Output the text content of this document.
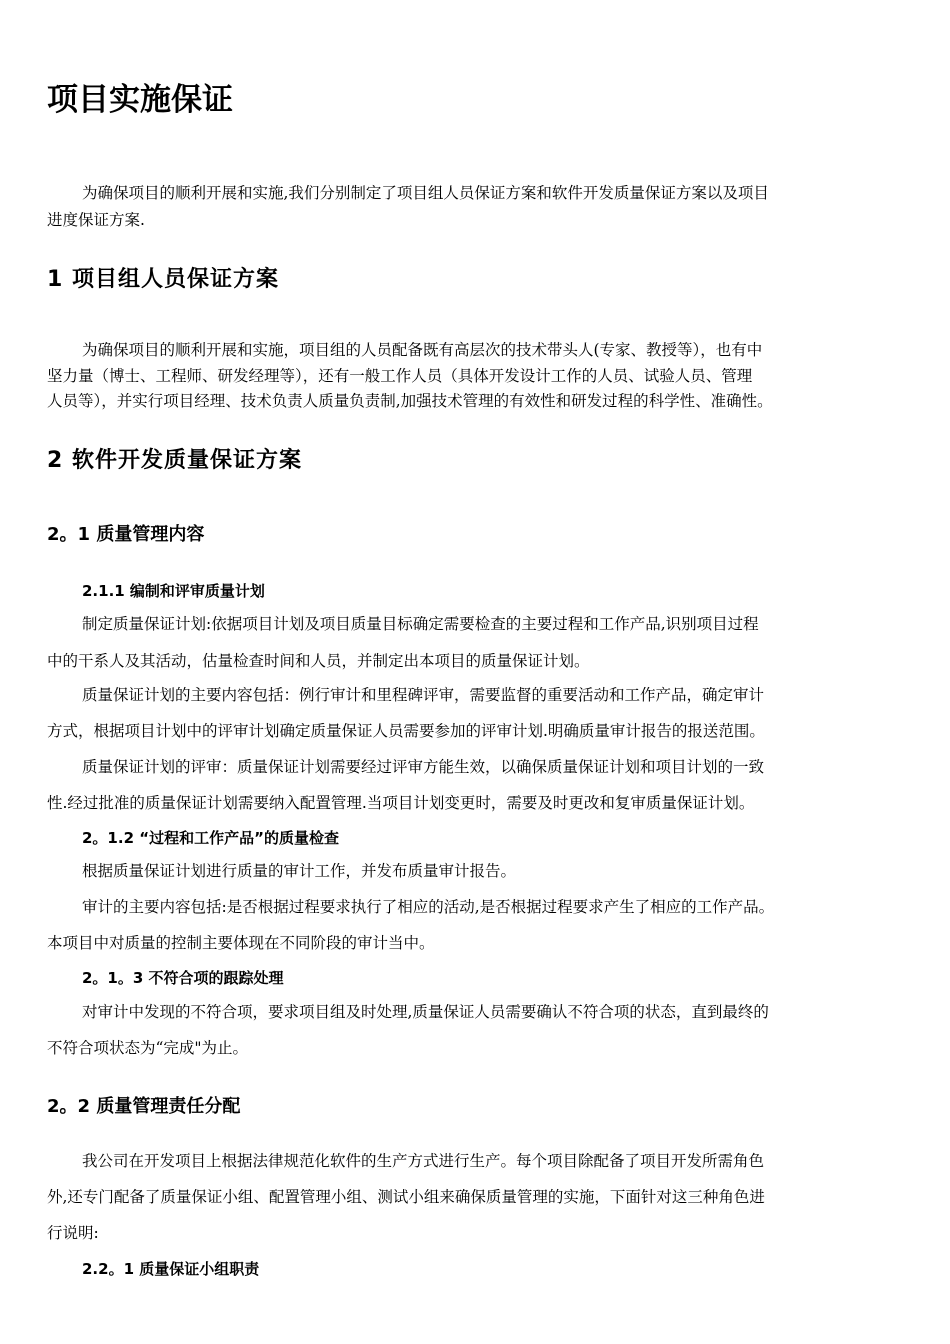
项目实施保证

为确保项目的顺利开展和实施,我们分别制定了项目组人员保证方案和软件开发质量保证方案以及项目

进度保证方案.

1 项目组人员保证方案

为确保项目的顺利开展和实施，项目组的人员配备既有高层次的技术带头人(专家、教授等），也有中

坚力量（博士、工程师、研发经理等），还有一般工作人员（具体开发设计工作的人员、试验人员、管理

人员等），并实行项目经理、技术负责人质量负责制,加强技术管理的有效性和研发过程的科学性、准确性。

2 软件开发质量保证方案
2。1 质量管理内容
2.1.1 编制和评审质量计划

制定质量保证计划:依据项目计划及项目质量目标确定需要检查的主要过程和工作产品,识别项目过程

中的干系人及其活动，估量检查时间和人员，并制定出本项目的质量保证计划。

质量保证计划的主要内容包括：例行审计和里程碑评审，需要监督的重要活动和工作产品，确定审计

方式，根据项目计划中的评审计划确定质量保证人员需要参加的评审计划.明确质量审计报告的报送范围。

质量保证计划的评审：质量保证计划需要经过评审方能生效，以确保质量保证计划和项目计划的一致

性.经过批准的质量保证计划需要纳入配置管理.当项目计划变更时，需要及时更改和复审质量保证计划。

2。1.2 “过程和工作产品”的质量检查

根据质量保证计划进行质量的审计工作，并发布质量审计报告。

审计的主要内容包括:是否根据过程要求执行了相应的活动,是否根据过程要求产生了相应的工作产品。

本项目中对质量的控制主要体现在不同阶段的审计当中。

2。1。3 不符合项的跟踪处理

对审计中发现的不符合项，要求项目组及时处理,质量保证人员需要确认不符合项的状态，直到最终的

不符合项状态为“完成"为止。

2。2 质量管理责任分配

我公司在开发项目上根据法律规范化软件的生产方式进行生产。每个项目除配备了项目开发所需角色

外,还专门配备了质量保证小组、配置管理小组、测试小组来确保质量管理的实施，下面针对这三种角色进

行说明:

2.2。1 质量保证小组职责
